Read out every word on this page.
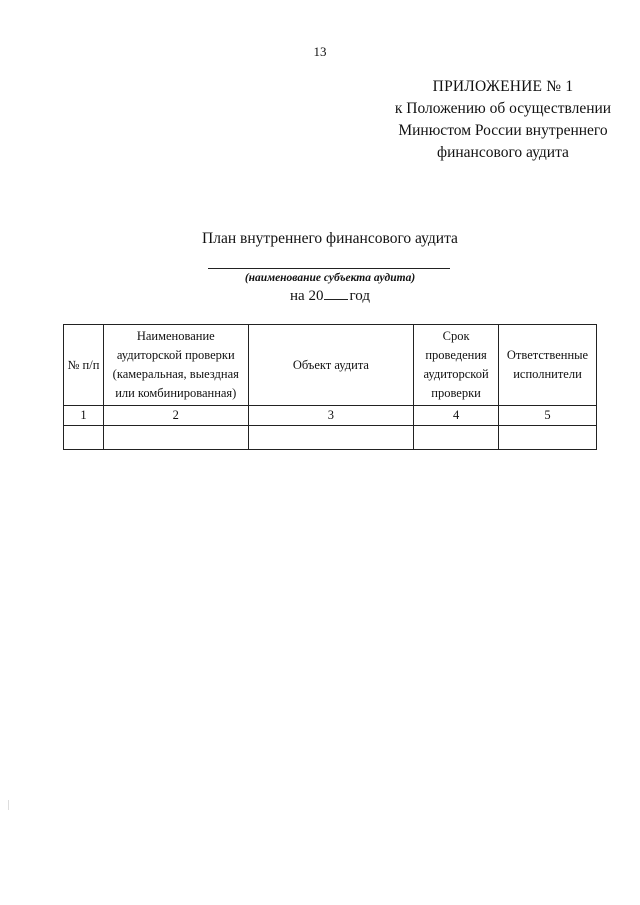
13
ПРИЛОЖЕНИЕ № 1
к Положению об осуществлении
Минюстом России внутреннего
финансового аудита
План внутреннего финансового аудита
(наименование субъекта аудита)
на 20 год
№ п/п	Наименование аудиторской проверки (камеральная, выездная или комбинированная)	Объект аудита	Срок проведения аудиторской проверки	Ответственные исполнители
1	2	3	4	5
